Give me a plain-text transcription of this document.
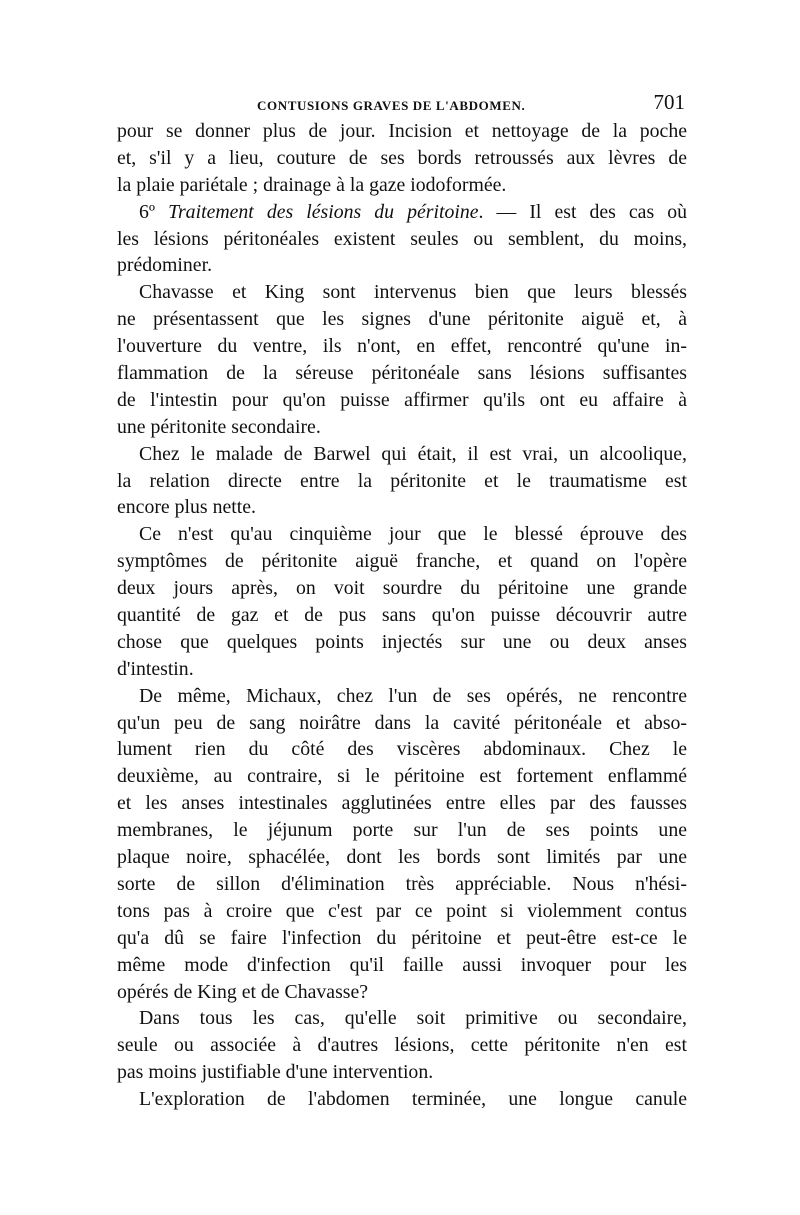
CONTUSIONS GRAVES DE L'ABDOMEN.	701
pour se donner plus de jour. Incision et nettoyage de la poche
et, s'il y a lieu, couture de ses bords retroussés aux lèvres de
la plaie pariétale ; drainage à la gaze iodoformée.
6º Traitement des lésions du péritoine. — Il est des cas où
les lésions péritonéales existent seules ou semblent, du moins,
prédominer.
Chavasse et King sont intervenus bien que leurs blessés
ne présentassent que les signes d'une péritonite aiguë et, à
l'ouverture du ventre, ils n'ont, en effet, rencontré qu'une in-
flammation de la séreuse péritonéale sans lésions suffisantes
de l'intestin pour qu'on puisse affirmer qu'ils ont eu affaire à
une péritonite secondaire.
Chez le malade de Barwel qui était, il est vrai, un alcoolique,
la relation directe entre la péritonite et le traumatisme est
encore plus nette.
Ce n'est qu'au cinquième jour que le blessé éprouve des
symptômes de péritonite aiguë franche, et quand on l'opère
deux jours après, on voit sourdre du péritoine une grande
quantité de gaz et de pus sans qu'on puisse découvrir autre
chose que quelques points injectés sur une ou deux anses
d'intestin.
De même, Michaux, chez l'un de ses opérés, ne rencontre
qu'un peu de sang noirâtre dans la cavité péritonéale et abso-
lument rien du côté des viscères abdominaux. Chez le
deuxième, au contraire, si le péritoine est fortement enflammé
et les anses intestinales agglutinées entre elles par des fausses
membranes, le jéjunum porte sur l'un de ses points une
plaque noire, sphacélée, dont les bords sont limités par une
sorte de sillon d'élimination très appréciable. Nous n'hési-
tons pas à croire que c'est par ce point si violemment contus
qu'a dû se faire l'infection du péritoine et peut-être est-ce le
même mode d'infection qu'il faille aussi invoquer pour les
opérés de King et de Chavasse?
Dans tous les cas, qu'elle soit primitive ou secondaire,
seule ou associée à d'autres lésions, cette péritonite n'en est
pas moins justifiable d'une intervention.
L'exploration de l'abdomen terminée, une longue canule
